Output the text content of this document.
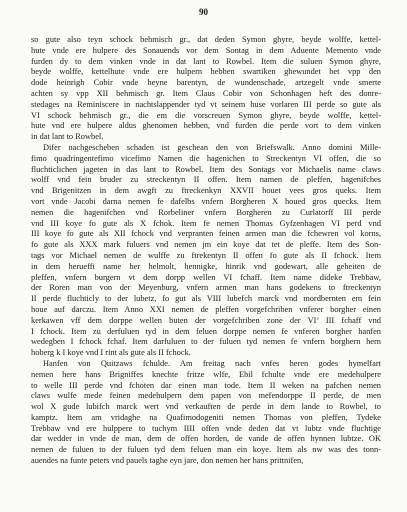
90
so gute also teyn schock behmisch gr., dat deden Symon ghyre, beyde wolffe, kettel-
hute vnde ere hulpere des Sonauends vor dem Sontag in dem Aduente Memento vnde
furden dy to dem vinken vnde in dat lant to Rowbel. Item die suluen Symon ghyre,
beyde wolffe, kettelhute vnde ere hulpern hebben swartiken ghewundet bet vpp den
dode heinrigh Cobir vnde heyne barentyn, de wundenschade, artzegelt vnde smerte
achten sy vpp XII behmisch gr. Item Claus Cobir von Schonhagen heft des donre-
stedages na Reminiscere in nachtslappender tyd vt seinem huse vorlaren III perde so gute als
VI schock behmisch gr., die em die vorscreuen Symon ghyre, beyde wolffe, kettel-
hute vnd ere hulpere aldus ghenomen hebben, vnd furden die perde vort to dem vinken
in dat lant to Rowbel.
Difer nachgescheben schaden ist geschean den von Briefswalk. Anno domini Mille-
fimo quadringentefimo vicefimo Namen die hagenichen to Streckentyn VI offen, die so
fluchticlichen jageten in das lant to Rowbel. Item des Sontags vor Michaelis name claws
wolff vnd fein bruder zu streckentyn II offen. Item namen de pleffen, hagenifches
vnd Brigenitzen in dem awgft zu ftreckenkyn XXVII houet vees gros queks. Item
vort vnde Jacobi darna nemen fe dafelbs vnfern Borgheren X houed gros quecks. Item
nemen die hagenifchen vnd Rorbeliner vnfern Borgheren zu Curlatorff III perde
vnd III koye fo gute als X fchok. Item fe nemen Thomas Gyfzenhagen VI perd vnd
III koye fo gute als XII fchock vnd verpranten feinen armen man die fchewren vol korns,
fo gute als XXX mark fuluers vnd nemen jm ein koye dat tet de pleffe. Item des Son-
tags vor Michael nemen de wulffe zu ftrekentyn II offen fo gute als II fchock. Item
in dem heruefft name her helmolt, hennigke, hinrik vnd godewart, alle geheiten de
pleffen, vnfern burgern vt dem dorpp wellen VI fchaff. Item name dideke Trebbaw,
der Roren man von der Meyenburg, vnfern armen man hans godekens to ftreckentyn
II perde fluchticly to der lubetz, fo gut als VIII lubefch marck vnd mordbernten em fein
houe auf darczu. Item Anno XXI nemen de pleffen vorgefchriben vnferer borgher einen
kerkawen vff dem dorppe wellen buten der vorgefchriben zone der VI’ III fchaff vnd
I fchock. Item zu derfuluen tyd in dem feluen dorppe nemen fe vnferen borgher hanfen
wedegben I fchock fchaf. Item darfuluen to der fuluen tyd nemen fe vnfern borghern hern
hoberg k I koye vnd I rint als gute als II fchock.
Hanfen von Quitzaws fchulde. Am freitag nach vnfes heren godes hymelfart
nemen here hans Brigniffes knechte fritze wlfe, Ebil fchulte vnde ere medehulpere
to welle III perde vnd fchoten dar einen man tode. Item II weken na pafchen nemen
claws wulfe mede feinen medehulpern dem papen von mefendorppe II perde, de men
wol X gude lubifch marck wert vnd verkauften de perde in dem lande to Rowbel, to
kamptz. Item am vridaghe na Quafimodogeniti nemen Thomas von pleffen, Tydeke
Trebbaw vnd ere hulppere to tuchym IIII offen vnde deden dat vt lubtz vnde fluchtige
dar wedder in vnde de man, dem de offen horden, de vande de offen hynnen lubtze. OK
nemen de fuluen to der fuluen tyd dem feluen man ein koye. Item als nw was des tonn-
auendes na funte peters vnd pauels taghe eyn jare, don nemen her hans prittnifen,
